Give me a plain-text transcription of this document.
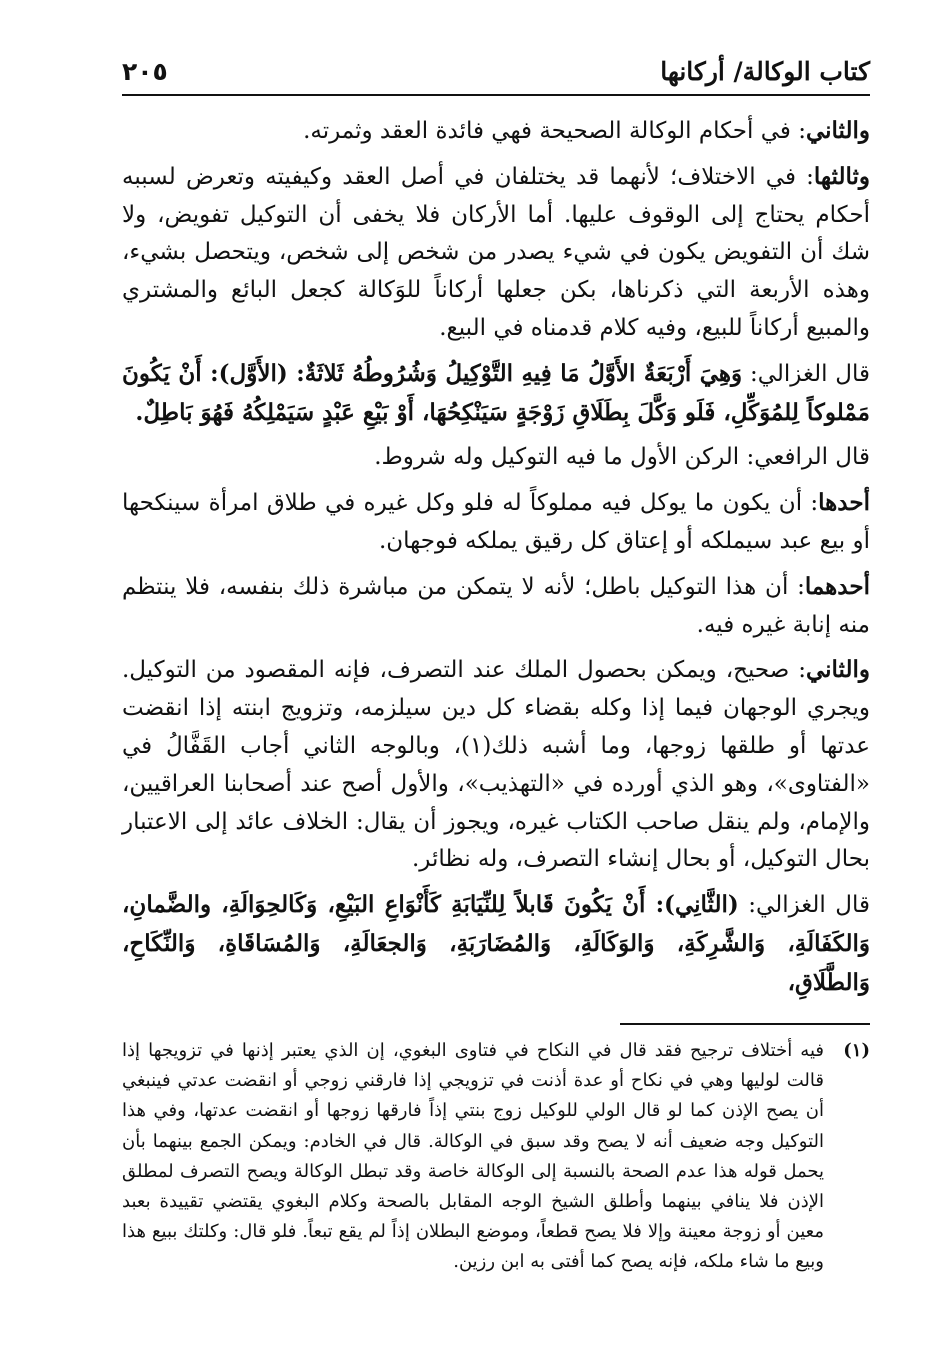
كتاب الوكالة/ أركانها
٢٠٥

والثاني: في أحكام الوكالة الصحيحة فهي فائدة العقد وثمرته.

وثالثها: في الاختلاف؛ لأنهما قد يختلفان في أصل العقد وكيفيته وتعرض لسببه أحكام يحتاج إلى الوقوف عليها. أما الأركان فلا يخفى أن التوكيل تفويض، ولا شك أن التفويض يكون في شيء يصدر من شخص إلى شخص، ويتحصل بشيء، وهذه الأربعة التي ذكرناها، بكن جعلها أركاناً للوَكالة كجعل البائع والمشتري والمبيع أركاناً للبيع، وفيه كلام قدمناه في البيع.

قال الغزالي: وَهِيَ أَرْبَعَةٌ الأَوَّلُ مَا فِيهِ التَّوْكِيلُ وَشُرُوطُهُ ثَلاثَةٌ: (الأَوَّل): أَنْ يَكُونَ مَمْلوكاً لِلمُوَكِّلِ، فَلَو وَكَّلَ بِطَلَاقِ زَوْجَةٍ سَيَنْكِحُهَا، أَوْ بَيْعِ عَبْدٍ سَيَمْلِكُهُ فَهُوَ بَاطِلٌ.

قال الرافعي: الركن الأول ما فيه التوكيل وله شروط.

أحدها: أن يكون ما يوكل فيه مملوكاً له فلو وكل غيره في طلاق امرأة سينكحها أو بيع عبد سيملكه أو إعتاق كل رقيق يملكه فوجهان.

أحدهما: أن هذا التوكيل باطل؛ لأنه لا يتمكن من مباشرة ذلك بنفسه، فلا ينتظم منه إنابة غيره فيه.

والثاني: صحيح، ويمكن بحصول الملك عند التصرف، فإنه المقصود من التوكيل. ويجري الوجهان فيما إذا وكله بقضاء كل دين سيلزمه، وتزويج ابنته إذا انقضت عدتها أو طلقها زوجها، وما أشبه ذلك(١)، وبالوجه الثاني أجاب القَفَّالُ في «الفتاوى»، وهو الذي أورده في «التهذيب»، والأول أصح عند أصحابنا العراقيين، والإمام، ولم ينقل صاحب الكتاب غيره، ويجوز أن يقال: الخلاف عائد إلى الاعتبار بحال التوكيل، أو بحال إنشاء التصرف، وله نظائر.

قال الغزالي: (الثَّانِي): أَنْ يَكُونَ قَابلاً لِلنِّيَابَةِ كَأَنْوَاعِ البَيْعِ، وَكَالحِوَالَةِ، والضَّمانِ، وَالكَفَالَةِ، وَالشَّرِكَةِ، وَالوَكَالَةِ، وَالمُضَارَبَةِ، وَالجعَالَةِ، وَالمُسَاقَاةِ، وَالنِّكَاحِ، وَالطَّلَاقِ،

(١)
فيه أختلاف ترجيح فقد قال في النكاح في فتاوى البغوي، إن الذي يعتبر إذنها في تزويجها إذا قالت لوليها وهي في نكاح أو عدة أذنت في تزويجي إذا فارقني زوجي أو انقضت عدتي فينبغي أن يصح الإذن كما لو قال الولي للوكيل زوج بنتي إذاً فارقها زوجها أو انقضت عدتها، وفي هذا التوكيل وجه ضعيف أنه لا يصح وقد سبق في الوكالة. قال في الخادم: ويمكن الجمع بينهما بأن يحمل قوله هذا عدم الصحة بالنسبة إلى الوكالة خاصة وقد تبطل الوكالة ويصح التصرف لمطلق الإذن فلا ينافي بينهما وأطلق الشيخ الوجه المقابل بالصحة وكلام البغوي يقتضي تقييدة بعبد معين أو زوجة معينة وإلا فلا يصح قطعاً، وموضع البطلان إذاً لم يقع تبعاً. فلو قال: وكلتك ببيع هذا وبيع ما شاء ملكه، فإنه يصح كما أفتى به ابن رزين.
